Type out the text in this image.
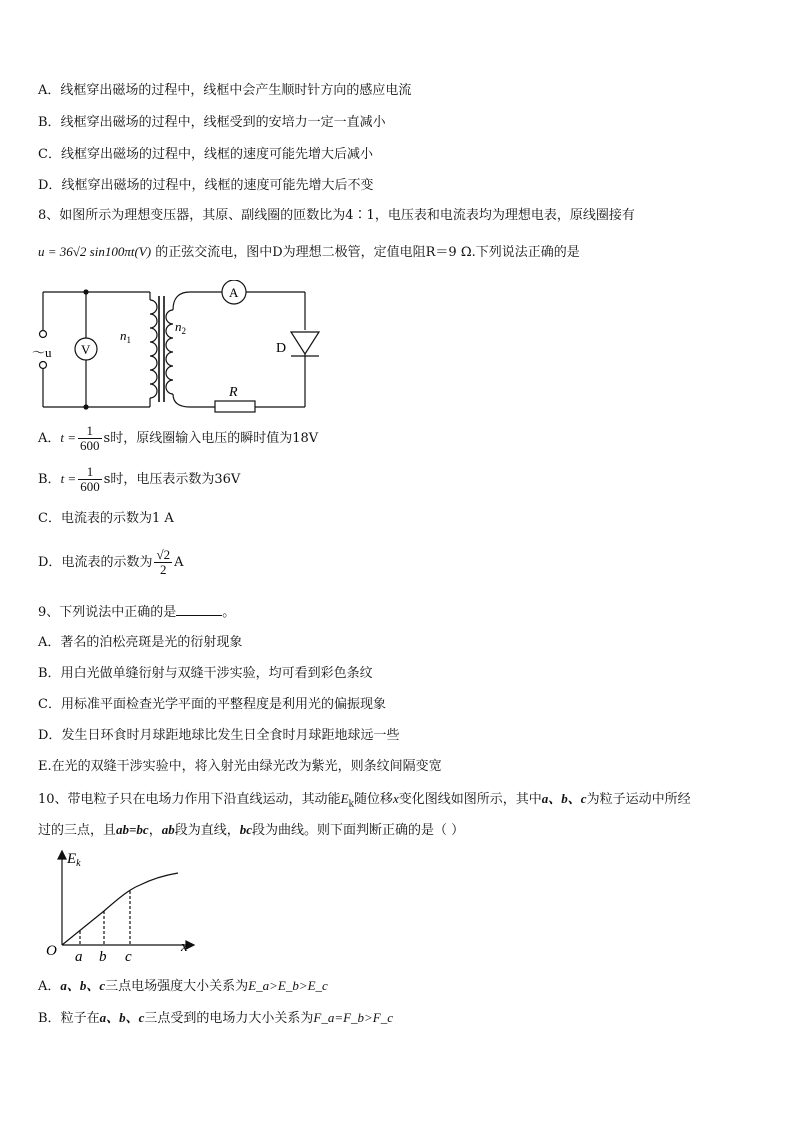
A．线框穿出磁场的过程中，线框中会产生顺时针方向的感应电流
B．线框穿出磁场的过程中，线框受到的安培力一定一直减小
C．线框穿出磁场的过程中，线框的速度可能先增大后减小
D．线框穿出磁场的过程中，线框的速度可能先增大后不变
8、如图所示为理想变压器，其原、副线圈的匝数比为4∶1，电压表和电流表均为理想电表，原线圈接有
u = 36√2 sin100πt(V) 的正弦交流电，图中D为理想二极管，定值电阻R＝9 Ω.下列说法正确的是
～u V
A
D
R
$n_1$
$n_2$
A．$t = \frac{1}{600}$ s时，原线圈输入电压的瞬时值为18V
B．$t = \frac{1}{600}$ s时，电压表示数为36V
C．电流表的示数为1 A
D．电流表的示数为 $\frac{√2}{2}$ A
9、下列说法中正确的是	。
A．著名的泊松亮斑是光的衍射现象
B．用白光做单缝衍射与双缝干涉实验，均可看到彩色条纹
C．用标准平面检查光学平面的平整程度是利用光的偏振现象
D．发生日环食时月球距地球比发生日全食时月球距地球远一些
E.在光的双缝干涉实验中，将入射光由绿光改为紫光，则条纹间隔变宽
10、带电粒子只在电场力作用下沿直线运动，其动能$E_k$随位移x变化图线如图所示，其中a、b、c为粒子运动中所经
过的三点，且ab=bc，ab段为直线，bc段为曲线。则下面判断正确的是（ ）
$E_k$
x
O a b c
A．a、b、c三点电场强度大小关系为E_a>E_b>E_c
B．粒子在a、b、c三点受到的电场力大小关系为F_a=F_b>F_c
